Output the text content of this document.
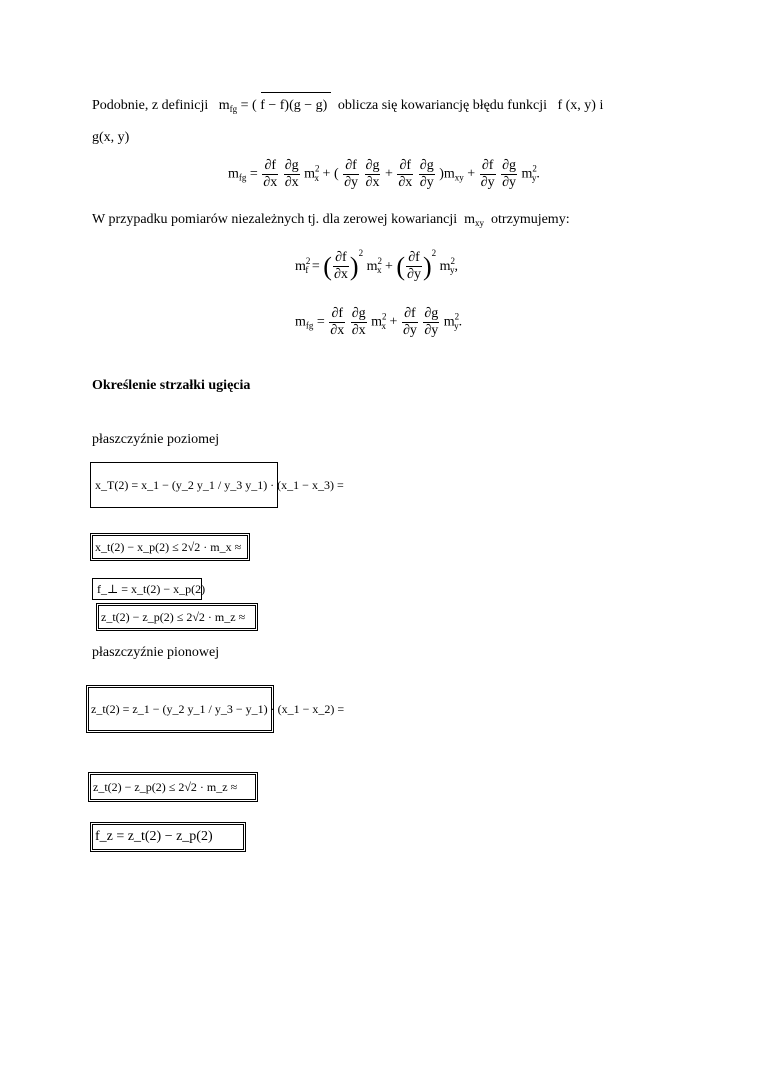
Podobnie, z definicji $m_{fg}$ = ( f − f)(g − g) oblicza się kowariancję błędu funkcji f (x, y) i
g(x, y)
$m_{fg} = \frac{\partial f}{\partial x}$
$\frac{\partial g}{\partial x} m^2_x$ + ( $\frac{\partial f}{\partial y}$
$\frac{\partial g}{\partial x} + \frac{\partial f}{\partial x}$
$\frac{\partial g}{\partial y} )m_{xy} + \frac{\partial f}{\partial y}$
$\frac{\partial g}{\partial y} m^2_y$.
W przypadku pomiarów niezależnych tj. dla zerowej kowariancji $m_{xy}$ otrzymujemy:
$m^2_f$ = ( $\frac{\partial f}{\partial x} )^2$ $m^2_x$ + ( $\frac{\partial f}{\partial y} )^2$ $m^2_y$,
$m_{fg} = \frac{\partial f}{\partial x}$
$\frac{\partial g}{\partial x} m^2_x + \frac{\partial f}{\partial y}$
$\frac{\partial g}{\partial y} m^2_y$.
Określenie strzałki ugięcia
płaszczyźnie poziomej
x_T(2) = x_1 − (y_2 y_1 / y_3 y_1) · (x_1 − x_3) =
x_t(2) − x_p(2) ≤ 2√2 · m_x ≈
f_⊥ = x_t(2) − x_p(2)
z_t(2) − z_p(2) ≤ 2√2 · m_z ≈
płaszczyźnie pionowej
z_t(2) = z_1 − (y_2 y_1 / y_3 − y_1) · (x_1 − x_2) =
z_t(2) − z_p(2) ≤ 2√2 · m_z ≈
f_z = z_t(2) − z_p(2)
